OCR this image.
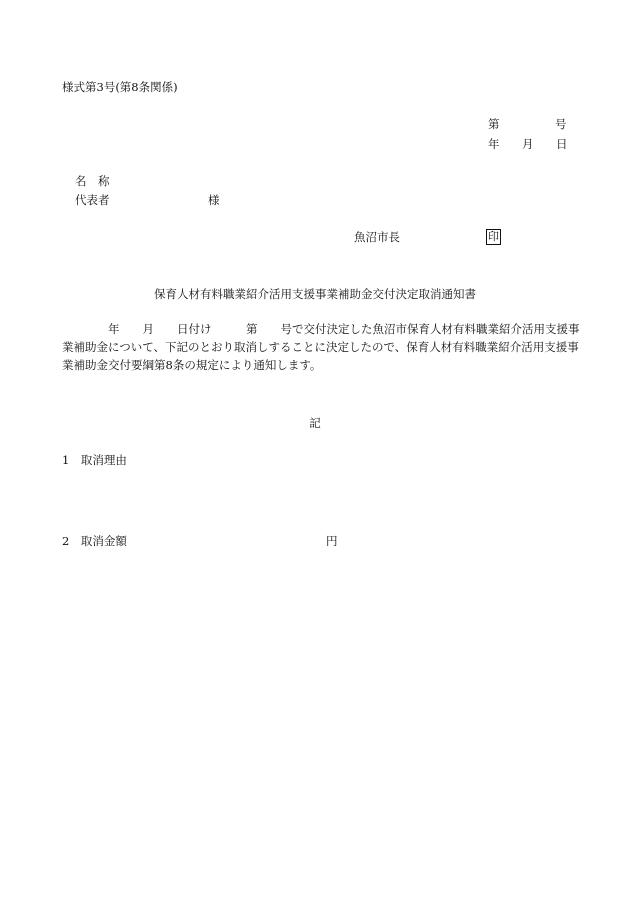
様式第3号(第8条関係)
第	号
年 月 日
名　称
代表者	様
魚沼市長	印
保育人材有料職業紹介活用支援事業補助金交付決定取消通知書
　　　　年　　月　　日付け　　　第　　号で交付決定した魚沼市保育人材有料職業紹介活用支援事
業補助金について、下記のとおり取消しすることに決定したので、保育人材有料職業紹介活用支援事
業補助金交付要綱第8条の規定により通知します。
記
1　取消理由
2　取消金額	円
